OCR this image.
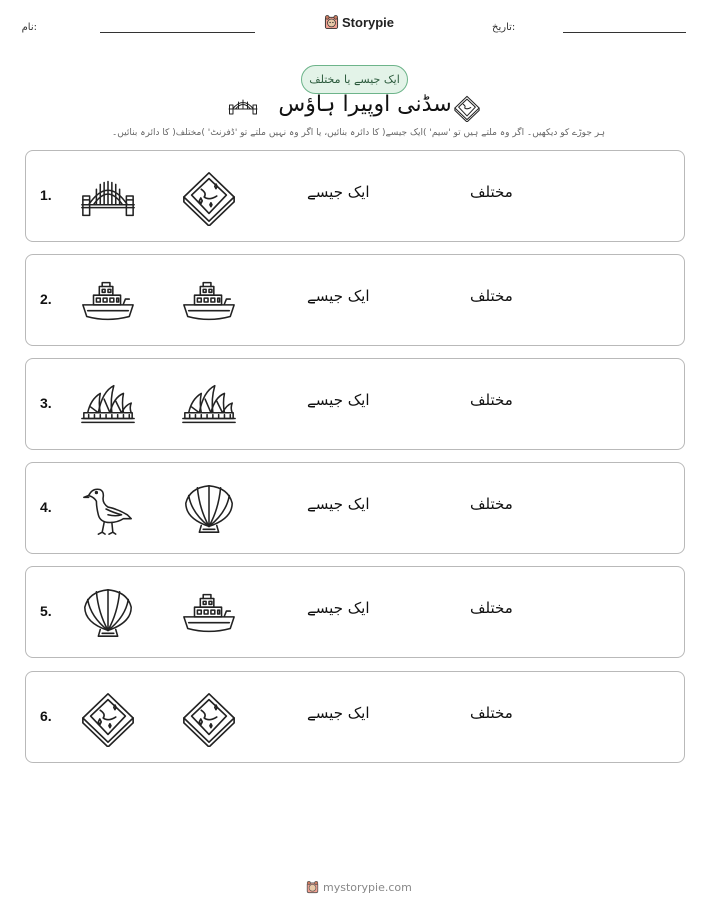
نام:	Storypie	تاریخ:
ایک جیسے یا مختلف
سڈنی اوپیرا ہاؤس
ہر جوڑے کو دیکھیں۔ اگر وہ ملتے ہیں تو 'سیم' )ایک جیسے( کا دائرہ بنائیں، یا اگر وہ نہیں ملتے تو 'ڈفرنٹ' )مختلف( کا دائرہ بنائیں۔
1.	ایک جیسے	مختلف
2.	ایک جیسے	مختلف
3.	ایک جیسے	مختلف
4.	ایک جیسے	مختلف
5.	ایک جیسے	مختلف
6.	ایک جیسے	مختلف
mystorypie.com
